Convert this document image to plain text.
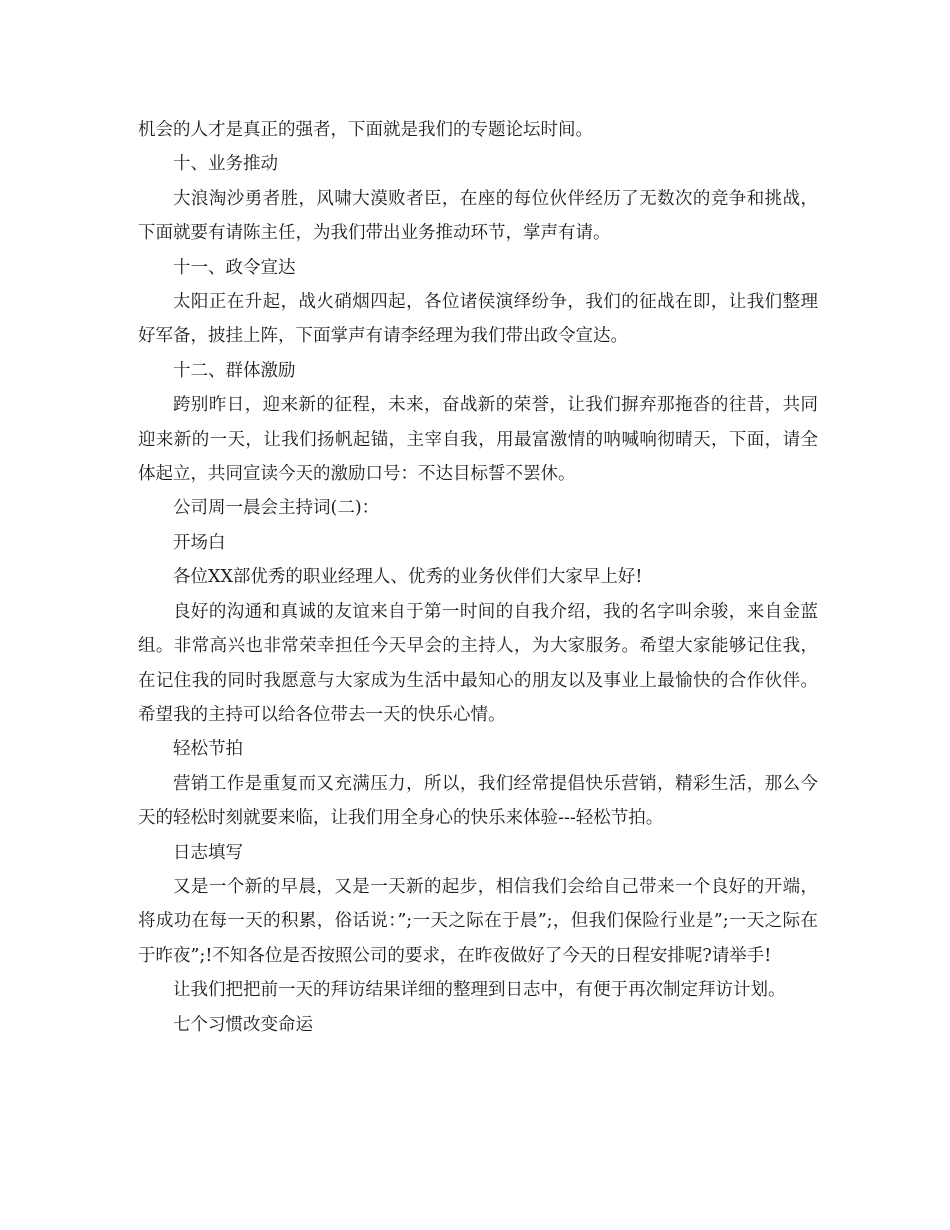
机会的人才是真正的强者，下面就是我们的专题论坛时间。

十、业务推动

大浪淘沙勇者胜，风啸大漠败者臣，在座的每位伙伴经历了无数次的竞争和挑战，下面就要有请陈主任，为我们带出业务推动环节，掌声有请。

十一、政令宣达

太阳正在升起，战火硝烟四起，各位诸侯演绎纷争，我们的征战在即，让我们整理好军备，披挂上阵，下面掌声有请李经理为我们带出政令宣达。

十二、群体激励

跨别昨日，迎来新的征程，未来，奋战新的荣誉，让我们摒弃那拖沓的往昔，共同迎来新的一天，让我们扬帆起锚，主宰自我，用最富激情的呐喊响彻晴天，下面，请全体起立，共同宣读今天的激励口号：不达目标誓不罢休。

公司周一晨会主持词(二)：

开场白

各位XX部优秀的职业经理人、优秀的业务伙伴们大家早上好!

良好的沟通和真诚的友谊来自于第一时间的自我介绍，我的名字叫余骏，来自金蓝组。非常高兴也非常荣幸担任今天早会的主持人，为大家服务。希望大家能够记住我，在记住我的同时我愿意与大家成为生活中最知心的朋友以及事业上最愉快的合作伙伴。希望我的主持可以给各位带去一天的快乐心情。

轻松节拍

营销工作是重复而又充满压力，所以，我们经常提倡快乐营销，精彩生活，那么今天的轻松时刻就要来临，让我们用全身心的快乐来体验---轻松节拍。

日志填写

又是一个新的早晨，又是一天新的起步，相信我们会给自己带来一个良好的开端，将成功在每一天的积累，俗话说：”;一天之际在于晨”;，但我们保险行业是”;一天之际在于昨夜”;!不知各位是否按照公司的要求，在昨夜做好了今天的日程安排呢?请举手!

让我们把把前一天的拜访结果详细的整理到日志中，有便于再次制定拜访计划。

七个习惯改变命运
